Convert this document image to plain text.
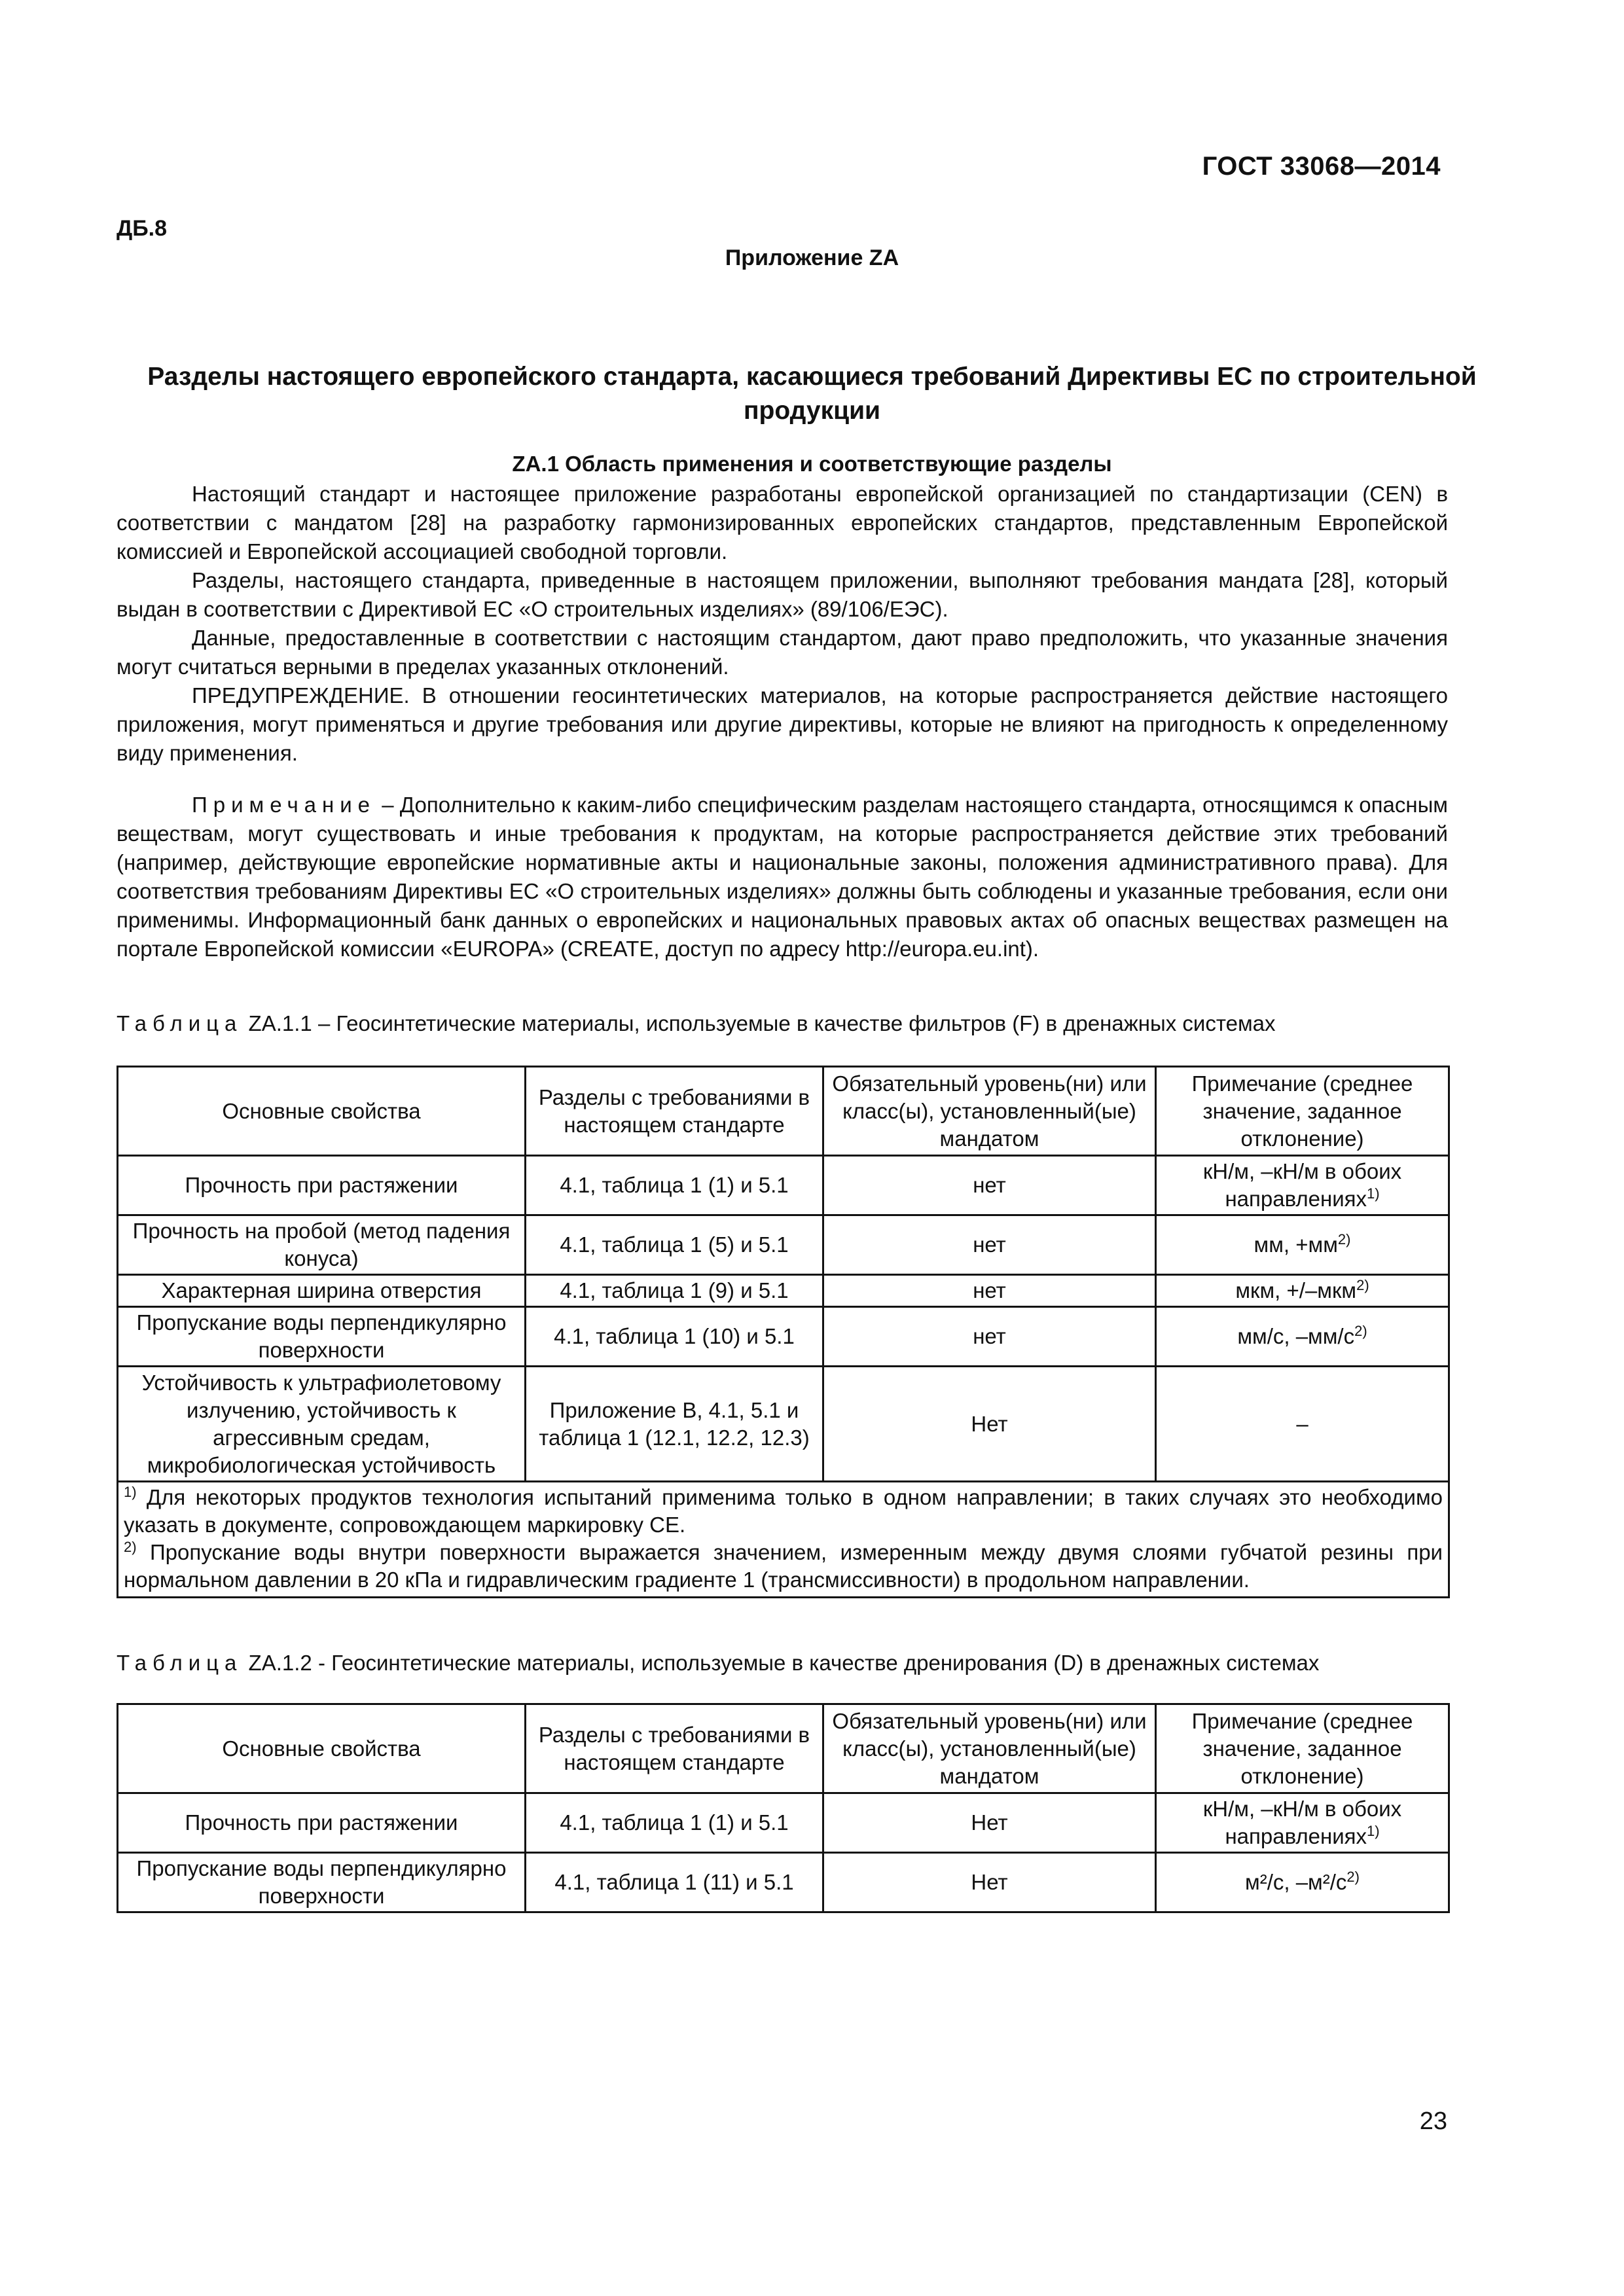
ГОСТ 33068—2014
ДБ.8
Приложение ZA
Разделы настоящего европейского стандарта, касающиеся требований Директивы ЕС по строительной продукции
ZA.1 Область применения и соответствующие разделы

Настоящий стандарт и настоящее приложение разработаны европейской организацией по стандартизации (CEN) в соответствии с мандатом [28] на разработку гармонизированных европейских стандартов, представленным Европейской комиссией и Европейской ассоциацией свободной торговли.

Разделы, настоящего стандарта, приведенные в настоящем приложении, выполняют требования мандата [28], который выдан в соответствии с Директивой ЕС «О строительных изделиях» (89/106/ЕЭС).

Данные, предоставленные в соответствии с настоящим стандартом, дают право предположить, что указанные значения могут считаться верными в пределах указанных отклонений.

ПРЕДУПРЕЖДЕНИЕ. В отношении геосинтетических материалов, на которые распространяется действие настоящего приложения, могут применяться и другие требования или другие директивы, которые не влияют на пригодность к определенному виду применения.

Примечание – Дополнительно к каким-либо специфическим разделам настоящего стандарта, относящимся к опасным веществам, могут существовать и иные требования к продуктам, на которые распространяется действие этих требований (например, действующие европейские нормативные акты и национальные законы, положения административного права). Для соответствия требованиям Директивы ЕС «О строительных изделиях» должны быть соблюдены и указанные требования, если они применимы. Информационный банк данных о европейских и национальных правовых актах об опасных веществах размещен на портале Европейской комиссии «EUROPA» (CREATE, доступ по адресу http://europa.eu.int).

Таблица ZA.1.1 – Геосинтетические материалы, используемые в качестве фильтров (F) в дренажных системах
Основные свойства	Разделы с требованиями в настоящем стандарте	Обязательный уровень(ни) или класс(ы), установленный(ые) мандатом	Примечание (среднее значение, заданное отклонение)
Прочность при растяжении	4.1, таблица 1 (1) и 5.1	нет	кН/м, –кН/м в обоих направлениях$^{1)}$
Прочность на пробой (метод падения конуса)	4.1, таблица 1 (5) и 5.1	нет	мм, $+мм^{2)}$
Характерная ширина отверстия	4.1, таблица 1 (9) и 5.1	нет	мкм, +/–мкм$^{2)}$
Пропускание воды перпендикулярно поверхности	4.1, таблица 1 (10) и 5.1	нет	мм/с, $-мм/с^{2)}$
Устойчивость к ультрафиолетовому излучению, устойчивость к агрессивным средам, микробиологическая устойчивость	Приложение B, 4.1, 5.1 и таблица 1 (12.1, 12.2, 12.3)	Нет	–

$^{1)}$ Для некоторых продуктов технология испытаний применима только в одном направлении; в таких случаях это необходимо указать в документе, сопровождающем маркировку СЕ.

$^{2)}$ Пропускание воды внутри поверхности выражается значением, измеренным между двумя слоями губчатой резины при нормальном давлении в 20 кПа и гидравлическим градиенте 1 (трансмиссивности) в продольном направлении.			

Таблица ZA.1.2 - Геосинтетические материалы, используемые в качестве дренирования (D) в дренажных системах
Основные свойства	Разделы с требованиями в настоящем стандарте	Обязательный уровень(ни) или класс(ы), установленный(ые) мандатом	Примечание (среднее значение, заданное отклонение)
Прочность при растяжении	4.1, таблица 1 (1) и 5.1	Нет	кН/м, –кН/м в обоих направлениях$^{1)}$
Пропускание воды перпендикулярно поверхности	4.1, таблица 1 (11) и 5.1	Нет	м²/с, $-м^2/с^{2)}$
23
